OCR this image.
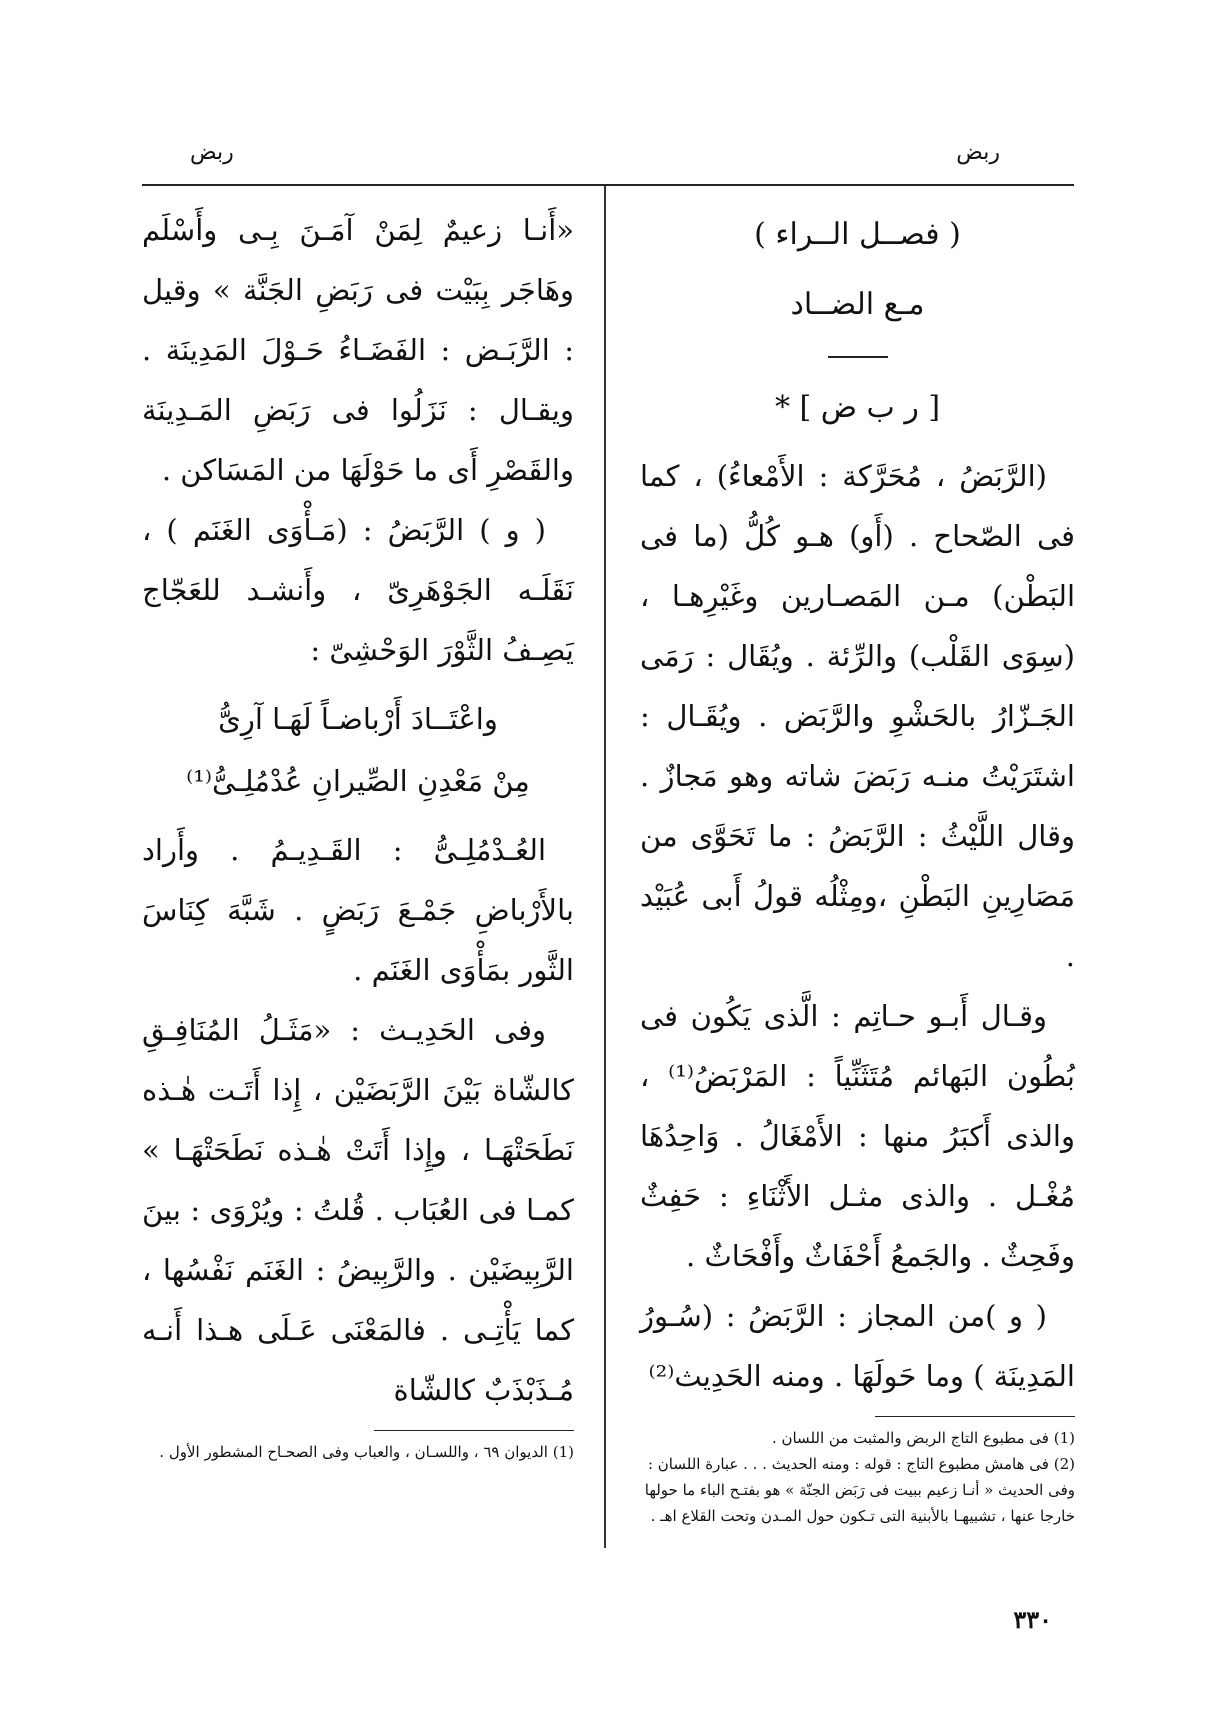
ربض
ربض

( فصــل الــراء )

مـع الضــاد

[ ر ب ض ] *

(الرَّبَضُ ، مُحَرَّكة : الأَمْعاءُ) ، كما فى الصّحاح . (أَو) هـو كُلُّ (ما فى البَطْن) مـن المَصـارين وغَيْرِهـا ، (سِوَى القَلْب) والرِّئة . ويُقَال : رَمَى الجَـزّارُ بالحَشْوِ والرَّبَض . ويُقَـال : اشتَرَيْتُ منـه رَبَضَ شاته وهو مَجازٌ . وقال اللَّيْثُ : الرَّبَضُ : ما تَحَوَّى من مَصَارِينِ البَطْنِ ،ومِثْلُه قولُ أَبى عُبَيْد .

وقـال أَبـو حـاتِم : الَّذى يَكُون فى بُطُون البَهائم مُتَثَنِّياً : المَرْبَضُ⁽¹⁾ ، والذى أَكبَرُ منها : الأَمْغَالُ . وَاحِدُهَا مُغْـل . والذى مثـل الأَثْنَاءِ : حَفِثٌ وفَحِثٌ . والجَمعُ أَحْفَاثٌ وأَفْحَاثٌ .

( و )من المجاز : الرَّبَضُ : (سُـورُ المَدِينَة ) وما حَولَهَا . ومنه الحَدِيث⁽²⁾

(1) فى مطبوع التاج الربض والمثبت من اللسان .

(2) فى هامش مطبوع التاج : قوله : ومنه الحديث . . . عبارة اللسان : وفى الحديث « أنـا زعيم ببيت فى رَبَض الجنّة » هو بفتـح الباء ما حولها خارجا عنها ، تشبيهـا بالأبنية التى تـكون حول المـدن وتحت القلاع اهـ .

«أَنـا زعيمٌ لِمَنْ آمَـنَ بِـى وأَسْلَم وهَاجَر بِبَيْت فى رَبَضِ الجَنَّة » وقيل : الرَّبَـض : الفَضَـاءُ حَـوْلَ المَدِينَة . ويقـال : نَزَلُوا فى رَبَضِ المَـدِينَة والقَصْرِ أَى ما حَوْلَهَا من المَسَاكن .

( و ) الرَّبَضُ : (مَـأْوَى الغَنَم ) ، نَقَلَـه الجَوْهَرِىّ ، وأَنشـد للعَجّاج يَصِـفُ الثَّوْرَ الوَحْشِىّ :

واعْتَــادَ أَرْباضـاً لَهَـا آرِىُّ
مِنْ مَعْدِنِ الصِّيرانِ عُدْمُلِـىُّ⁽¹⁾

العُـدْمُلِـىُّ : القَـدِيـمُ . وأَراد بالأَرْباضِ جَمْـعَ رَبَضٍ . شَبَّهَ كِنَاسَ الثَّور بمَأْوَى الغَنَم .

وفى الحَدِيـث : «مَثَـلُ المُنَافِـقِ كالشّاة بَيْنَ الرَّبَضَيْن ، إِذا أَتَـت هٰـذه نَطَحَتْهَـا ، وإِذا أَتَتْ هٰـذه نَطَحَتْهَـا » كمـا فى العُبَاب . قُلتُ : ويُرْوَى : بينَ الرَّبِيضَيْن . والرَّبِيضُ : الغَنَم نَفْسُها ، كما يَأْتِـى . فالمَعْنَى عَـلَى هـذا أَنـه مُـذَبْذَبٌ كالشّاة

(1) الديوان ٦٩ ، واللسـان ، والعباب وفى الصحـاح المشطور الأول .

٣٣٠
